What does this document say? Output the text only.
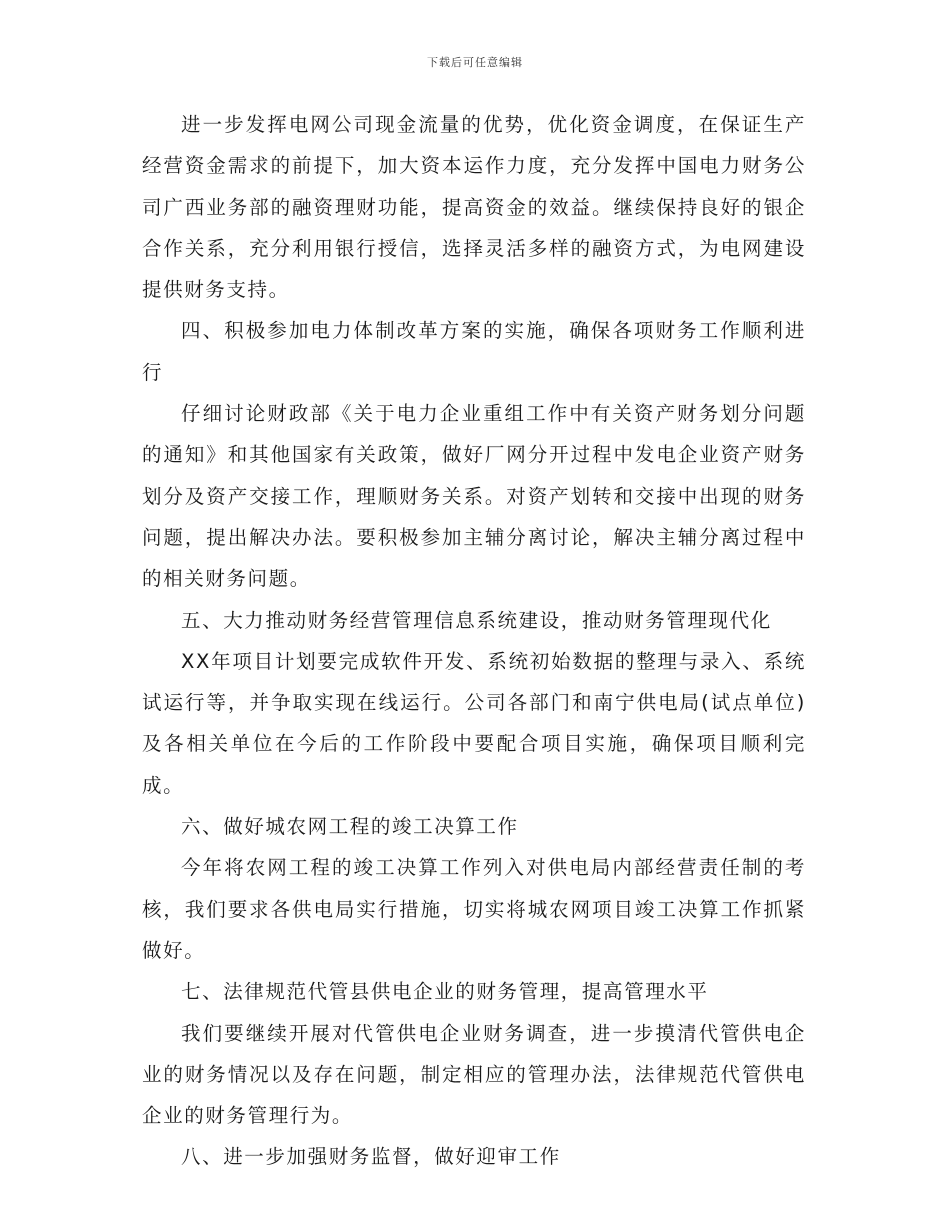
下载后可任意编辑

进一步发挥电网公司现金流量的优势，优化资金调度，在保证生产经营资金需求的前提下，加大资本运作力度，充分发挥中国电力财务公司广西业务部的融资理财功能，提高资金的效益。继续保持良好的银企合作关系，充分利用银行授信，选择灵活多样的融资方式，为电网建设提供财务支持。

四、积极参加电力体制改革方案的实施，确保各项财务工作顺利进行

仔细讨论财政部《关于电力企业重组工作中有关资产财务划分问题的通知》和其他国家有关政策，做好厂网分开过程中发电企业资产财务划分及资产交接工作，理顺财务关系。对资产划转和交接中出现的财务问题，提出解决办法。要积极参加主辅分离讨论，解决主辅分离过程中的相关财务问题。

五、大力推动财务经营管理信息系统建设，推动财务管理现代化

XX年项目计划要完成软件开发、系统初始数据的整理与录入、系统试运行等，并争取实现在线运行。公司各部门和南宁供电局(试点单位)及各相关单位在今后的工作阶段中要配合项目实施，确保项目顺利完成。

六、做好城农网工程的竣工决算工作

今年将农网工程的竣工决算工作列入对供电局内部经营责任制的考核，我们要求各供电局实行措施，切实将城农网项目竣工决算工作抓紧做好。

七、法律规范代管县供电企业的财务管理，提高管理水平

我们要继续开展对代管供电企业财务调查，进一步摸清代管供电企业的财务情况以及存在问题，制定相应的管理办法，法律规范代管供电企业的财务管理行为。

八、进一步加强财务监督，做好迎审工作
